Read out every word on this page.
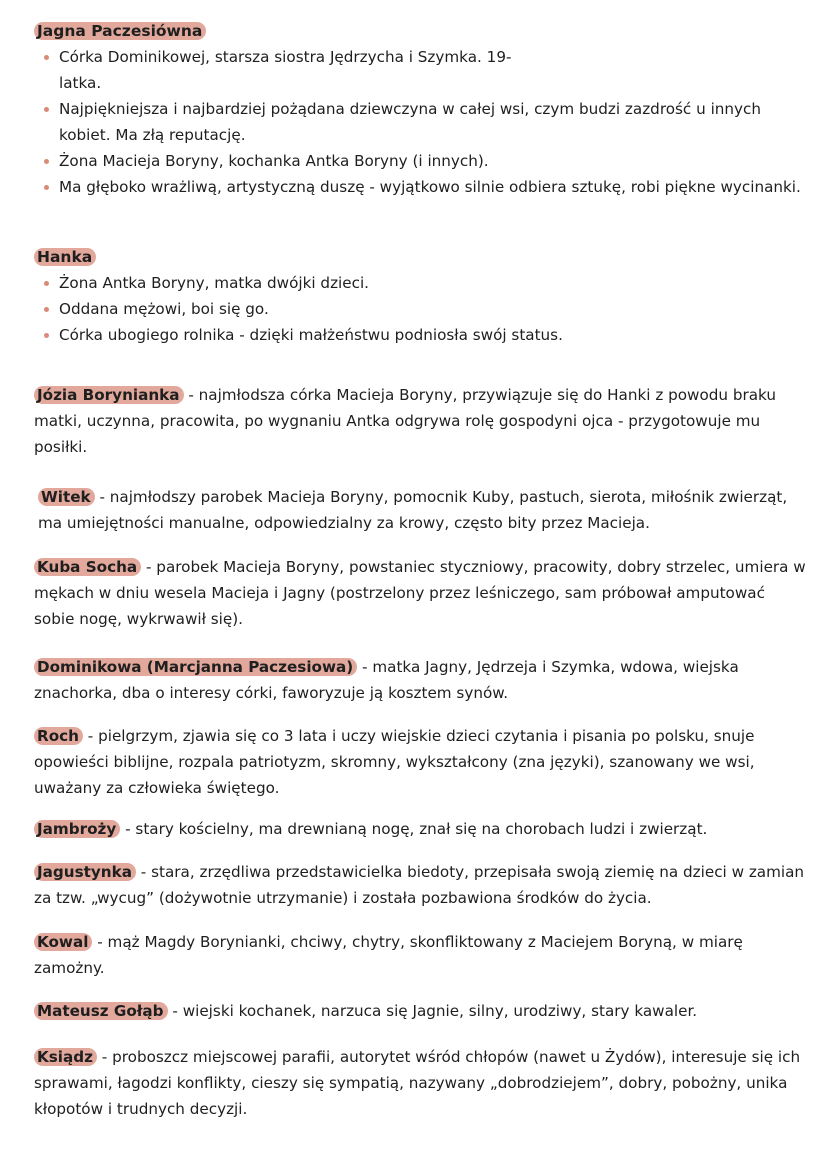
Jagna Paczesiówna
Córka Dominikowej, starsza siostra Jędrzycha i Szymka. 19-latka.
Najpiękniejsza i najbardziej pożądana dziewczyna w całej wsi, czym budzi zazdrość u innych kobiet. Ma złą reputację.
Żona Macieja Boryny, kochanka Antka Boryny (i innych).
Ma głęboko wrażliwą, artystyczną duszę - wyjątkowo silnie odbiera sztukę, robi piękne wycinanki.
Hanka
Żona Antka Boryny, matka dwójki dzieci.
Oddana mężowi, boi się go.
Córka ubogiego rolnika - dzięki małżeństwu podniosła swój status.

Józia Borynianka - najmłodsza córka Macieja Boryny, przywiązuje się do Hanki z powodu braku matki, uczynna, pracowita, po wygnaniu Antka odgrywa rolę gospodyni ojca - przygotowuje mu posiłki.

Witek - najmłodszy parobek Macieja Boryny, pomocnik Kuby, pastuch, sierota, miłośnik zwierząt, ma umiejętności manualne, odpowiedzialny za krowy, często bity przez Macieja.

Kuba Socha - parobek Macieja Boryny, powstaniec styczniowy, pracowity, dobry strzelec, umiera w mękach w dniu wesela Macieja i Jagny (postrzelony przez leśniczego, sam próbował amputować sobie nogę, wykrwawił się).

Dominikowa (Marcjanna Paczesiowa) - matka Jagny, Jędrzeja i Szymka, wdowa, wiejska znachorka, dba o interesy córki, faworyzuje ją kosztem synów.

Roch - pielgrzym, zjawia się co 3 lata i uczy wiejskie dzieci czytania i pisania po polsku, snuje opowieści biblijne, rozpala patriotyzm, skromny, wykształcony (zna języki), szanowany we wsi, uważany za człowieka świętego.

Jambroży - stary kościelny, ma drewnianą nogę, znał się na chorobach ludzi i zwierząt.

Jagustynka - stara, zrzędliwa przedstawicielka biedoty, przepisała swoją ziemię na dzieci w zamian za tzw. „wycug” (dożywotnie utrzymanie) i została pozbawiona środków do życia.

Kowal - mąż Magdy Borynianki, chciwy, chytry, skonfliktowany z Maciejem Boryną, w miarę zamożny.

Mateusz Gołąb - wiejski kochanek, narzuca się Jagnie, silny, urodziwy, stary kawaler.

Ksiądz - proboszcz miejscowej parafii, autorytet wśród chłopów (nawet u Żydów), interesuje się ich sprawami, łagodzi konflikty, cieszy się sympatią, nazywany „dobrodziejem”, dobry, pobożny, unika kłopotów i trudnych decyzji.
